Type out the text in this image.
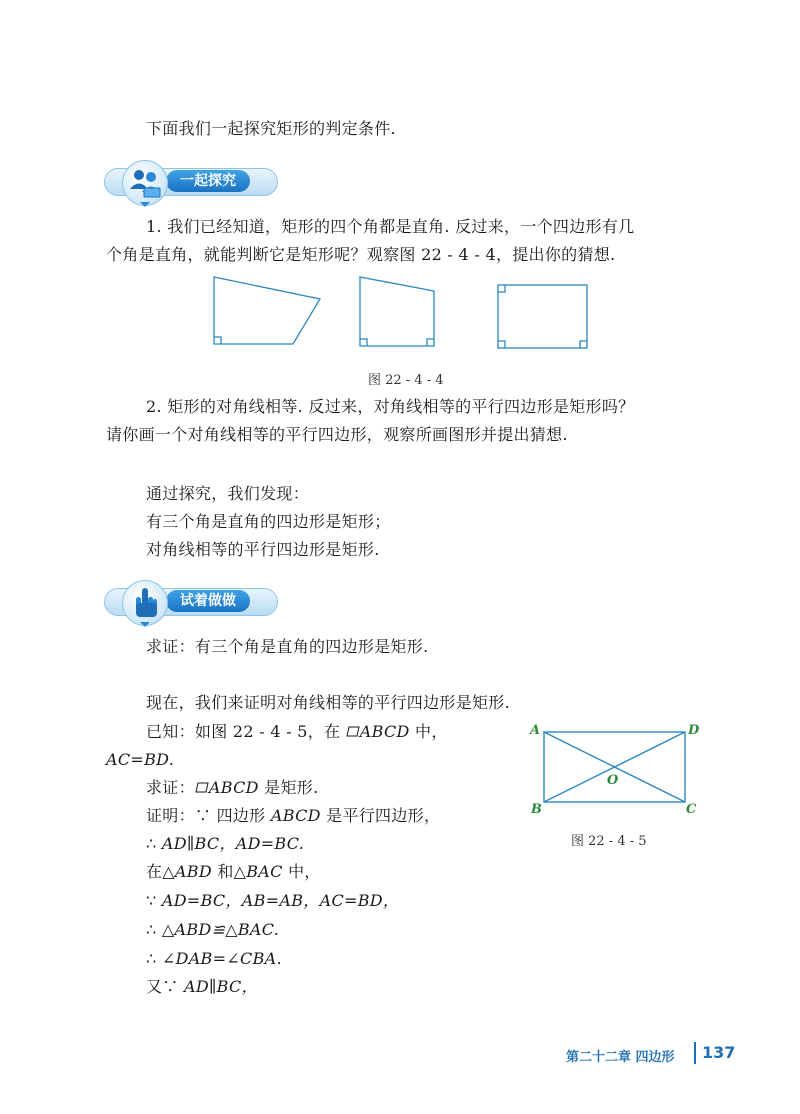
下面我们一起探究矩形的判定条件.
一起探究
1. 我们已经知道，矩形的四个角都是直角. 反过来，一个四边形有几
个角是直角，就能判断它是矩形呢？观察图 22 - 4 - 4，提出你的猜想.
图 22 - 4 - 4
2. 矩形的对角线相等. 反过来，对角线相等的平行四边形是矩形吗？
请你画一个对角线相等的平行四边形，观察所画图形并提出猜想.
通过探究，我们发现：
有三个角是直角的四边形是矩形；
对角线相等的平行四边形是矩形.
试着做做
求证：有三个角是直角的四边形是矩形.
现在，我们来证明对角线相等的平行四边形是矩形.
已知：如图 22 - 4 - 5，在 ABCD 中，
AC=BD.
求证： ABCD 是矩形.
证明：∵ 四边形 ABCD 是平行四边形，
∴ AD∥BC，AD=BC.
在△ABD 和△BAC 中，
∵ AD=BC，AB=AB，AC=BD，
∴ △ABD≌△BAC.
∴ ∠DAB=∠CBA.
又∵ AD∥BC，
A	D
B	C
O
图 22 - 4 - 5
第二十二章 四边形 137
